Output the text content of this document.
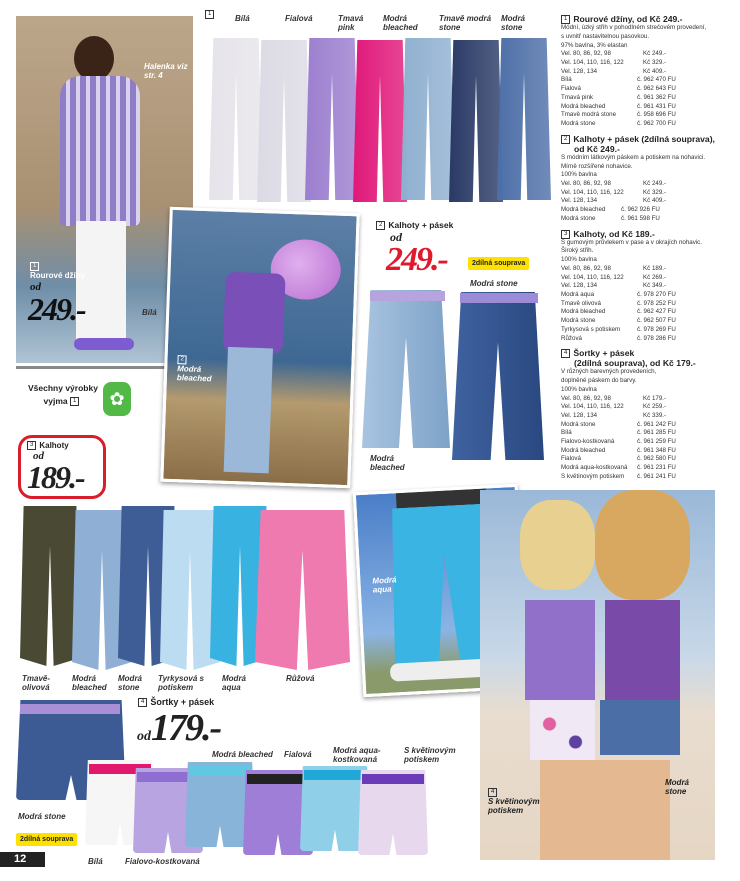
Halenka viz str. 4
1
Rourové džíny
od
249.-	Bílá
Všechny výrobky
vyjma 1	✿
3 Kalhoty
od
189.-
1	Bílá	Fialová	Tmavá pink
Modrá bleached
Tmavě modrá stone
Modrá stone
2
Modrá bleached
2 Kalhoty + pásek
od
249.-	2dílná souprava
Modrá stone
Modrá bleached
Tmavě-olivová
Modrá bleached
Modrá stone
Tyrkysová s potiskem
Modrá aqua
Růžová
Modrá aqua
4
S květinovým potiskem
Modrá stone
4 Šortky + pásek
od179.-
Modrá stone
Bílá	Fialovo-kostkovaná
Modrá bleached	Fialová	Modrá aqua-kostkovaná
S květinovým potiskem
2dílná souprava
12
1 Rourové džíny, od Kč 249.-
Módní, úzký střih v pohodlném strečovém provedení,
s uvnitř nastavitelnou pasovkou.
97% bavlna, 3% elastan
Vel. 80, 86, 92, 98	Kč 249.-
Vel. 104, 110, 116, 122	Kč 329.-
Vel. 128, 134	Kč 409.-
Bílá	č. 962 470 FU
Fialová	č. 962 643 FU
Tmavá pink	č. 961 362 FU
Modrá bleached	č. 961 431 FU
Tmavě modrá stone	č. 958 696 FU
Modrá stone	č. 962 700 FU
2 Kalhoty + pásek (2dílná souprava),
od Kč 249.-
S módním látkovým páskem a potiskem na nohavici.
Mírně rozšířené nohavice.
100% bavlna
Vel. 80, 86, 92, 98	Kč 249.-
Vel. 104, 110, 116, 122	Kč 329.-
Vel. 128, 134	Kč 409.-
Modrá bleached	č. 962 926 FU
Modrá stone	č. 961 598 FU
3 Kalhoty, od Kč 189.-
S gumovým průvlekem v pase a v okrajích nohavic.
Široký střih.
100% bavlna
Vel. 80, 86, 92, 98	Kč 189.-
Vel. 104, 110, 116, 122	Kč 269.-
Vel. 128, 134	Kč 349.-
Modrá aqua	č. 978 270 FU
Tmavě olivová	č. 978 252 FU
Modrá bleached	č. 962 427 FU
Modrá stone	č. 962 507 FU
Tyrkysová s potiskem	č. 978 269 FU
Růžová	č. 978 286 FU
4 Šortky + pásek
(2dílná souprava), od Kč 179.-
V různých barevných provedeních,
doplněné páskem do barvy.
100% bavlna
Vel. 80, 86, 92, 98	Kč 179.-
Vel. 104, 110, 116, 122	Kč 259.-
Vel. 128, 134	Kč 339.-
Modrá stone	č. 961 242 FU
Bílá	č. 961 285 FU
Fialovo-kostkovaná	č. 961 259 FU
Modrá bleached	č. 961 348 FU
Fialová	č. 962 580 FU
Modrá aqua-kostkovaná	č. 961 231 FU
S květinovým potiskem	č. 961 241 FU
